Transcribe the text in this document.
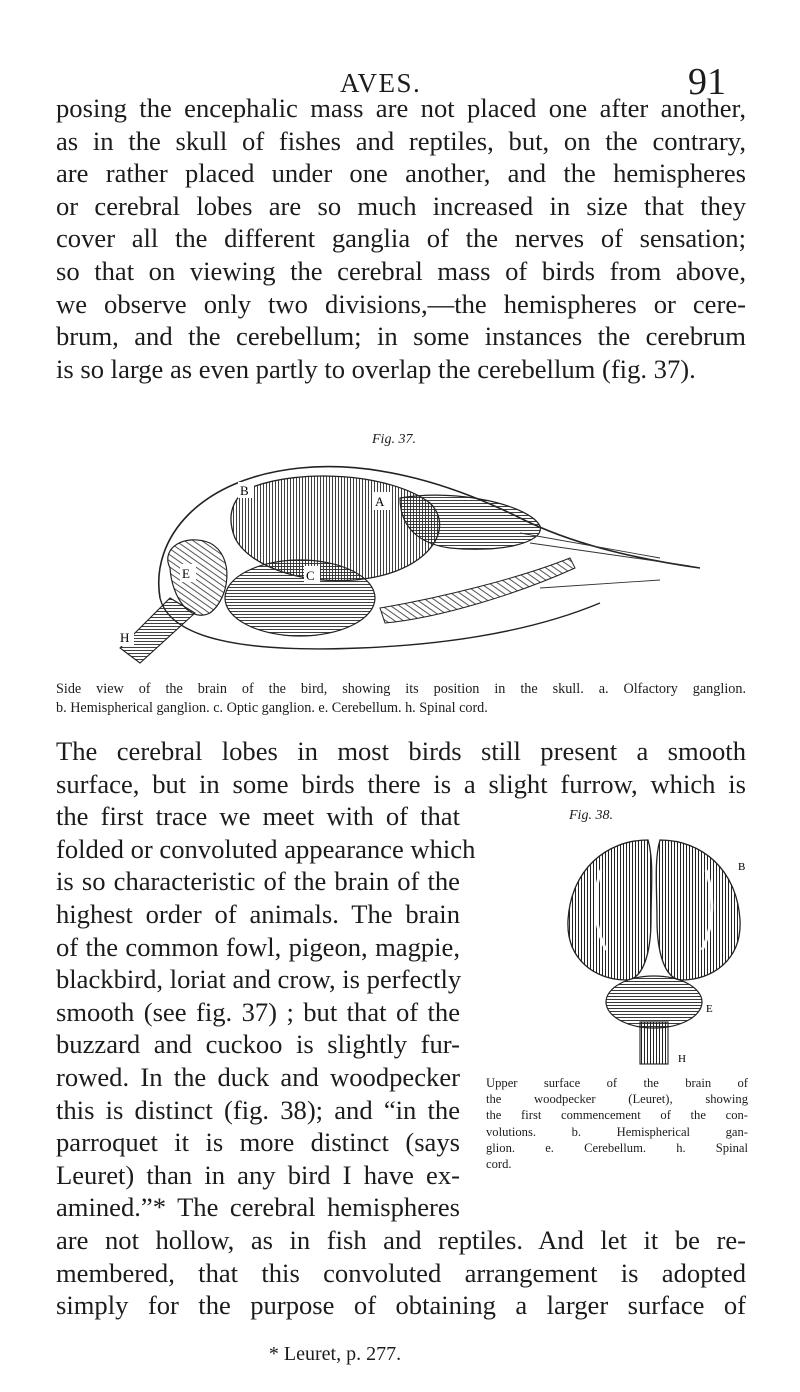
AVES.	91

posing the encephalic mass are not placed one after another,
as in the skull of fishes and reptiles, but, on the contrary,
are rather placed under one another, and the hemispheres
or cerebral lobes are so much increased in size that they
cover all the different ganglia of the nerves of sensation;
so that on viewing the cerebral mass of birds from above,
we observe only two divisions,—the hemispheres or cere-
brum, and the cerebellum; in some instances the cerebrum
is so large as even partly to overlap the cerebellum (fig. 37).

Fig. 37.
B
A
C
E
H
Side view of the brain of the bird, showing its position in the skull. a. Olfactory ganglion.
b. Hemispherical ganglion. c. Optic ganglion. e. Cerebellum. h. Spinal cord.
The cerebral lobes in most birds still present a smooth
surface, but in some birds there is a slight furrow, which is
the first trace we meet with of that
folded or convoluted appearance which
is so characteristic of the brain of the
highest order of animals. The brain
of the common fowl, pigeon, magpie,
blackbird, loriat and crow, is perfectly
smooth (see fig. 37) ; but that of the
buzzard and cuckoo is slightly fur-
rowed. In the duck and woodpecker
this is distinct (fig. 38); and “in the
parroquet it is more distinct (says
Leuret) than in any bird I have ex-
amined.”* The cerebral hemispheres
are not hollow, as in fish and reptiles. And let it be re-
membered, that this convoluted arrangement is adopted
simply for the purpose of obtaining a larger surface of
Fig. 38.
B
E
H
Upper surface of the brain of
the woodpecker (Leuret), showing
the first commencement of the con-
volutions. b. Hemispherical gan-
glion. e. Cerebellum. h. Spinal
cord.
* Leuret, p. 277.
